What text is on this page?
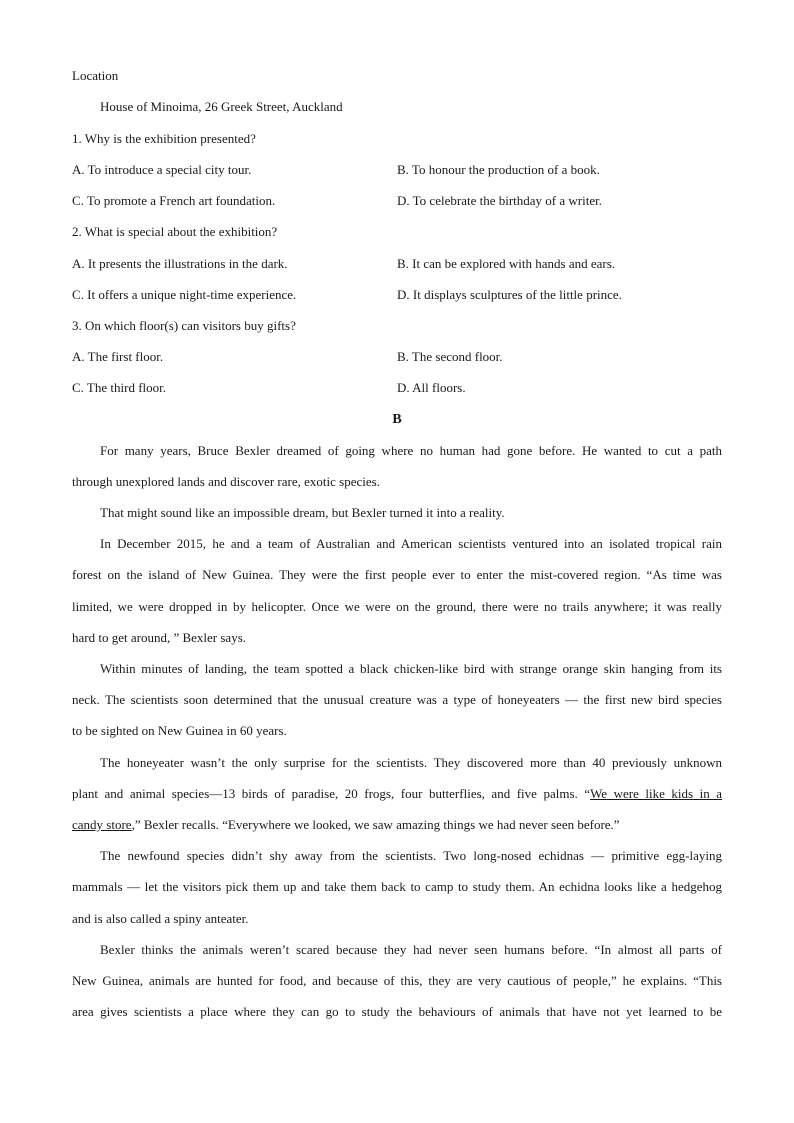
Location
House of Minoima, 26 Greek Street, Auckland
1. Why is the exhibition presented?
A. To introduce a special city tour.	B. To honour the production of a book.
C. To promote a French art foundation.	D. To celebrate the birthday of a writer.
2. What is special about the exhibition?
A. It presents the illustrations in the dark.	B. It can be explored with hands and ears.
C. It offers a unique night-time experience.	D. It displays sculptures of the little prince.
3. On which floor(s) can visitors buy gifts?
A. The first floor.	B. The second floor.
C. The third floor.	D. All floors.
B
For many years, Bruce Bexler dreamed of going where no human had gone before. He wanted to cut a path
through unexplored lands and discover rare, exotic species.
That might sound like an impossible dream, but Bexler turned it into a reality.
In December 2015, he and a team of Australian and American scientists ventured into an isolated tropical rain
forest on the island of New Guinea. They were the first people ever to enter the mist-covered region. “As time was
limited, we were dropped in by helicopter. Once we were on the ground, there were no trails anywhere; it was really
hard to get around, ” Bexler says.
Within minutes of landing, the team spotted a black chicken-like bird with strange orange skin hanging from its
neck. The scientists soon determined that the unusual creature was a type of honeyeaters — the first new bird species
to be sighted on New Guinea in 60 years.
The honeyeater wasn’t the only surprise for the scientists. They discovered more than 40 previously unknown
plant and animal species—13 birds of paradise, 20 frogs, four butterflies, and five palms. “We were like kids in a
candy store,” Bexler recalls. “Everywhere we looked, we saw amazing things we had never seen before.”
The newfound species didn’t shy away from the scientists. Two long-nosed echidnas — primitive egg-laying
mammals — let the visitors pick them up and take them back to camp to study them. An echidna looks like a hedgehog
and is also called a spiny anteater.
Bexler thinks the animals weren’t scared because they had never seen humans before. “In almost all parts of
New Guinea, animals are hunted for food, and because of this, they are very cautious of people,” he explains. “This
area gives scientists a place where they can go to study the behaviours of animals that have not yet learned to be
